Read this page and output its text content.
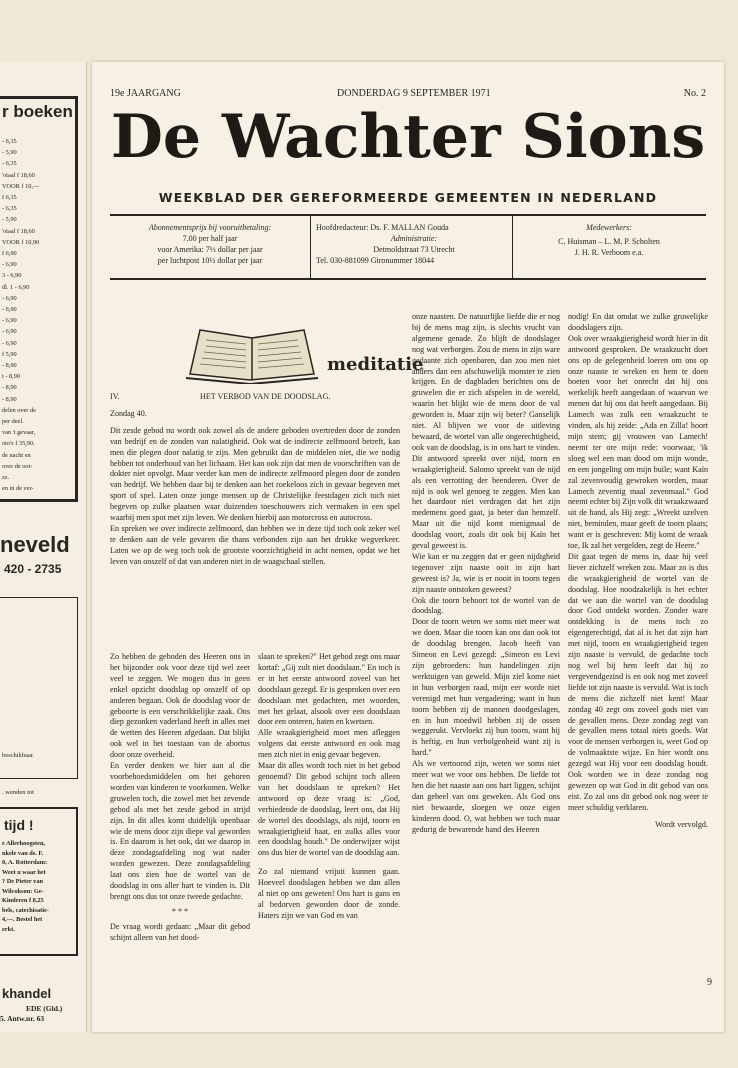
r boeken
- 6,35
- 5,90
- 6,35
'otaal f 18,60
VOOR f 10,—
f 6,35
- 6,35
- 5,90
'otaal f 18,60
VOOR f 10,90
f 6,90
- 6,90
3 - 6,90
dl. 1 - 6,90
- 6,90
- 6,90
- 6,90
- 6,90
- 6,90
f 5,90
- 8,90
t - 8,90
- 8,90
- 8,90
delen over de
per deel.
van 't gevaar,
oto's f 35,90.
de nacht en
over de oor-
zz.
en in de ver-
neveld
420 - 2735
beschikbaar.
. wenden tot
tijd !
e Allerhoogsten,
nkele van ds. F.
0, A. Rotterdam:
Weet u waar het
? De Pieter van
Wilcokson: Ge-
Kinderen f 8,25
bels, catechisatie-
4,—. Bestel het
erkt.
khandel
EDE (Gld.)
5. Antw.nr. 63
19e JAARGANG	DONDERDAG 9 SEPTEMBER 1971	No. 2
De Wachter Sions
WEEKBLAD DER GEREFORMEERDE GEMEENTEN IN NEDERLAND
Abonnementsprijs bij vooruitbetaling:
7.00 per half jaar
voor Amerika: 7½ dollar per jaar
per luchtpost 10½ dollar per jaar
Hoofdredacteur: Ds. F. MALLAN Gouda
Administratie:
Detmoldstraat 73 Utrecht
Tel. 030-881099 Gironummer 18044
Medewerkers:
C. Huisman – L. M. P. Scholten
J. H. R. Verboom e.a.
meditatie
IV.	HET VERBOD VAN DE DOODSLAG.

Zondag 40.

Dit zesde gebod nu wordt ook zowel als de andere geboden overtreden door de zonden van bedrijf en de zonden van nalatigheid. Ook wat de indirecte zelfmoord betreft, kan men die plegen door nalatig te zijn. Men gebruikt dan de middelen niet, die we nodig hebben tot onderhoud van het lichaam. Het kan ook zijn dat men de voorschriften van de dokter niet opvolgt. Maar verder kan men de indirecte zelfmoord plegen door de zonden van bedrijf. We hebben daar bij te denken aan het roekeloos zich in gevaar begeven met sport of spel. Laten onze jonge mensen op de Christelijke feestdagen zich toch niet begeven op zulke plaatsen waar duizenden toeschouwers zich vermaken in een spel waarbij men spot met zijn leven. We denken hierbij aan motorcross en autocross.

En spreken we over indirecte zelfmoord, dan hebben we in deze tijd toch ook zeker wel te denken aan de vele gevaren die thans verbonden zijn aan het drukke wegverkeer. Laten we op de weg toch ook de grootste voorzichtigheid in acht nemen, opdat we het leven van onszelf of dat van anderen niet in de waagschaal stellen.

Zo hebben de geboden des Heeren ons in het bijzonder ook voor deze tijd wel zeer veel te zeggen. We mogen dus in geen enkel opzicht doodslag op onszelf of op anderen begaan. Ook de doodslag voor de geboorte is een verschrikkelijke zaak. Ons diep gezonken vaderland heeft in alles met de wetten des Heeren afgedaan. Dat blijkt ook wel in het toestaan van de abortus door onze overheid.

En verder denken we hier aan al die voorbehoedsmiddelen om het geboren worden van kinderen te voorkomen. Welke gruwelen toch, die zowel met het zevende gebod als met het zesde gebod in strijd zijn. In dit alles komt duidelijk openbaar wie de mens door zijn diepe val geworden is. En daarom is het ook, dat we daarop in deze zondagsafdeling nog wat nader worden gewezen. Deze zondagsafdeling laat ons zien hoe de wortel van de doodslag in ons aller hart te vinden is. Dit brengt ons dus tot onze tweede gedachte.

* * *

De vraag wordt gedaan: „Maar dit gebod schijnt alleen van het dood-

slaan te spreken?" Het gebod zegt ons maar kortaf: „Gij zult niet doodslaan." En toch is er in het eerste antwoord zoveel van het doodslaan gezegd. Er is gesproken over een doodslaan met gedachten, met woorden, met het gelaat, alsook over een doodslaan door een onteren, haten en kwetsen.

Alle wraakgierigheid moet men afleggen volgens dat eerste antwoord en ook mag men zich niet in enig gevaar begeven.

Maar dit alles wordt toch niet in het gebod genoemd? Dit gebod schijnt toch alleen van het doodslaan te spreken? Het antwoord op deze vraag is: „God, verbiedende de doodslag, leert ons, dat Hij de wortel des doodslags, als nijd, toorn en wraakgierigheid haat, en zulks alles voor een doodslag houdt." De onderwijzer wijst ons dus hier de wortel van de doodslag aan.

Zo zal niemand vrijuit kunnen gaan. Hoeveel doodslagen hebben we dan allen al niet op ons geweten! Ons hart is gans en al bedorven geworden door de zonde. Haters zijn we van God en van

onze naasten. De natuurlijke liefde die er nog bij de mens mag zijn, is slechts vrucht van algemene genade. Zo blijft de doodslager nog wat verborgen. Zou de mens in zijn ware gedaante zich openbaren, dan zou men niet anders dan een afschuwelijk monster te zien krijgen. En de dagbladen berichten ons de gruwelen die er zich afspelen in de wereld, waarin het blijkt wie de mens door de val geworden is. Maar zijn wij beter? Ganselijk niet. Al blijven we voor de uitleving bewaard, de wortel van alle ongerechtigheid, ook van de doodslag, is in ons hart te vinden. Dit antwoord spreekt over nijd, toorn en wraakgierigheid. Salomo spreekt van de nijd als een verrotting der beenderen. Over de nijd is ook wel genoeg te zeggen. Men kan het daardoor niet verdragen dat het zijn medemens goed gaat, ja beter dan hemzelf. Maar uit die nijd komt menigmaal de doodslag voort, zoals dit ook bij Kaïn het geval geweest is.

Wie kan er nu zeggen dat er geen nijdigheid tegenover zijn naaste ooit in zijn hart geweest is? Ja, wie is er nooit in toorn tegen zijn naaste ontstoken geweest?

Ook die toorn behoort tot de wortel van de doodslag.

Door de toorn weten we soms niet meer wat we doen. Maar die toorn kan ons dan ook tot de doodslag brengen. Jacob heeft van Simeon en Levi gezegd: „Simeon en Levi zijn gebroeders: hun handelingen zijn werktuigen van geweld. Mijn ziel kome niet in hun verborgen raad, mijn eer worde niet verenigd met hun vergadering; want in hun toorn hebben zij de mannen doodgeslagen, en in hun moedwil hebben zij de ossen weggerukt. Vervloekt zij hun toorn, want hij is heftig, en hun verbolgenheid want zij is hard."

Als we vertoornd zijn, weten we soms niet meer wat we voor ons hebben. De liefde tot hen die het naaste aan ons hart liggen, schijnt dan geheel van ons geweken. Als God ons niet bewaarde, sloegen we onze eigen kinderen dood. O, wat hebben we toch maar gedurig de bewarende hand des Heeren

nodig! En dat omdat we zulke gruwelijke doodslagers zijn.

Ook over wraakgierigheid wordt hier in dit antwoord gesproken. De wraakzucht doet ons op de gelegenheid loeren om ons op onze naaste te wreken en hem te doen boeten voor het onrecht dat hij ons werkelijk heeft aangedaan of waarvan we menen dat hij ons dat heeft aangedaan. Bij Lamech was zulk een wraakzucht te vinden, als hij zeide: „Ada en Zilla! hoort mijn stem; gij vrouwen van Lamech! neemt ter ore mijn rede: voorwaar, 'ik sloeg wel een man dood om mijn wonde, en een jongeling om mijn buile; want Kaïn zal zevenvoudig gewroken worden, maar Lamech zeventig maal zevenmaal." God neemt echter bij Zijn volk dit wraakzwaard uit de hand, als Hij zegt: „Wreekt uzelven niet, beminden, maar geeft de toorn plaats; want er is geschreven: Mij komt de wraak toe, Ik zal het vergelden, zegt de Heere."

Dit gaat tegen de mens in, daar hij veel liever zichzelf wreken zou. Maar zo is dus die wraakgierigheid de wortel van de doodslag. Hoe noodzakelijk is het echter dat we aan die wortel van de doodslag door God ontdekt worden. Zonder ware ontdekking is de mens toch zo eigengerechtigd, dat al is het dat zijn hart met nijd, toorn en wraakgierigheid tegen zijn naaste is vervuld, de gedachte toch nog wel bij hem leeft dat hij zo vergevendgezind is en ook nog met zoveel liefde tot zijn naaste is vervuld. Wat is toch de mens die zichzelf niet kent! Maar zondag 40 zegt ons zoveel gods niet van de gevallen mens. Deze zondag zegt van de gevallen mens totaal niets goeds. Wat voor de mensen verborgen is, weet God op de volmaaktste wijze. En hier wordt ons gezegd wat Hij voor een doodslag houdt. Ook worden we in deze zondag nog gewezen op wat God in dit gebod van ons eist. Zo zal ons dit gebod ook nog weer te meer schuldig verklaren.

Wordt vervolgd.

9
